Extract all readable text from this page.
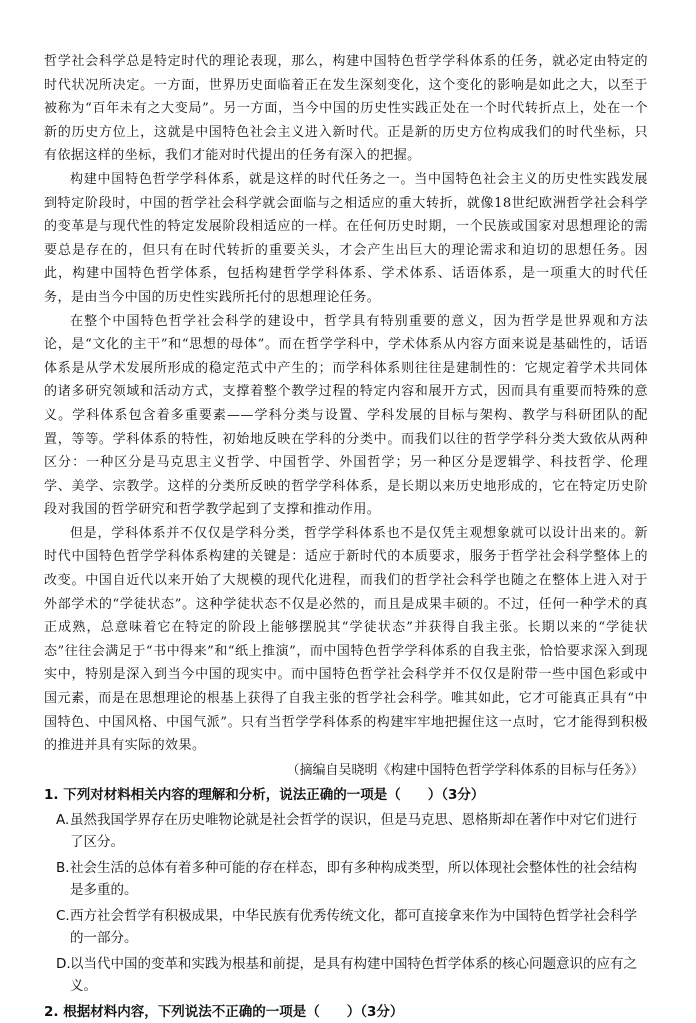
哲学社会科学总是特定时代的理论表现，那么，构建中国特色哲学学科体系的任务，就必定由特定的时代状况所决定。一方面，世界历史面临着正在发生深刻变化，这个变化的影响是如此之大，以至于被称为“百年未有之大变局”。另一方面，当今中国的历史性实践正处在一个时代转折点上，处在一个新的历史方位上，这就是中国特色社会主义进入新时代。正是新的历史方位构成我们的时代坐标，只有依据这样的坐标，我们才能对时代提出的任务有深入的把握。

构建中国特色哲学学科体系，就是这样的时代任务之一。当中国特色社会主义的历史性实践发展到特定阶段时，中国的哲学社会科学就会面临与之相适应的重大转折，就像18世纪欧洲哲学社会科学的变革是与现代性的特定发展阶段相适应的一样。在任何历史时期，一个民族或国家对思想理论的需要总是存在的，但只有在时代转折的重要关头，才会产生出巨大的理论需求和迫切的思想任务。因此，构建中国特色哲学体系，包括构建哲学学科体系、学术体系、话语体系，是一项重大的时代任务，是由当今中国的历史性实践所托付的思想理论任务。

在整个中国特色哲学社会科学的建设中，哲学具有特别重要的意义，因为哲学是世界观和方法论，是“文化的主干”和“思想的母体”。而在哲学学科中，学术体系从内容方面来说是基础性的，话语体系是从学术发展所形成的稳定范式中产生的；而学科体系则往往是建制性的：它规定着学术共同体的诸多研究领域和活动方式，支撑着整个教学过程的特定内容和展开方式，因而具有重要而特殊的意义。学科体系包含着多重要素——学科分类与设置、学科发展的目标与架构、教学与科研团队的配置，等等。学科体系的特性，初始地反映在学科的分类中。而我们以往的哲学学科分类大致依从两种区分：一种区分是马克思主义哲学、中国哲学、外国哲学；另一种区分是逻辑学、科技哲学、伦理学、美学、宗教学。这样的分类所反映的哲学学科体系，是长期以来历史地形成的，它在特定历史阶段对我国的哲学研究和哲学教学起到了支撑和推动作用。

但是，学科体系并不仅仅是学科分类，哲学学科体系也不是仅凭主观想象就可以设计出来的。新时代中国特色哲学学科体系构建的关键是：适应于新时代的本质要求，服务于哲学社会科学整体上的改变。中国自近代以来开始了大规模的现代化进程，而我们的哲学社会科学也随之在整体上进入对于外部学术的“学徒状态”。这种学徒状态不仅是必然的，而且是成果丰硕的。不过，任何一种学术的真正成熟，总意味着它在特定的阶段上能够摆脱其“学徒状态”并获得自我主张。长期以来的“学徒状态”往往会满足于“书中得来”和“纸上推演”，而中国特色哲学学科体系的自我主张，恰恰要求深入到现实中，特别是深入到当今中国的现实中。而中国特色哲学社会科学并不仅仅是附带一些中国色彩或中国元素，而是在思想理论的根基上获得了自我主张的哲学社会科学。唯其如此，它才可能真正具有“中国特色、中国风格、中国气派”。只有当哲学学科体系的构建牢牢地把握住这一点时，它才能得到积极的推进并具有实际的效果。

（摘编自吴晓明《构建中国特色哲学学科体系的目标与任务》）
1. 下列对材料相关内容的理解和分析，说法正确的一项是（　　）（3分）
A. 虽然我国学界存在历史唯物论就是社会哲学的误识，但是马克思、恩格斯却在著作中对它们进行了区分。
B. 社会生活的总体有着多种可能的存在样态，即有多种构成类型，所以体现社会整体性的社会结构是多重的。
C. 西方社会哲学有积极成果，中华民族有优秀传统文化，都可直接拿来作为中国特色哲学社会科学的一部分。
D. 以当代中国的变革和实践为根基和前提，是具有构建中国特色哲学体系的核心问题意识的应有之义。
2. 根据材料内容，下列说法不正确的一项是（　　）（3分）
